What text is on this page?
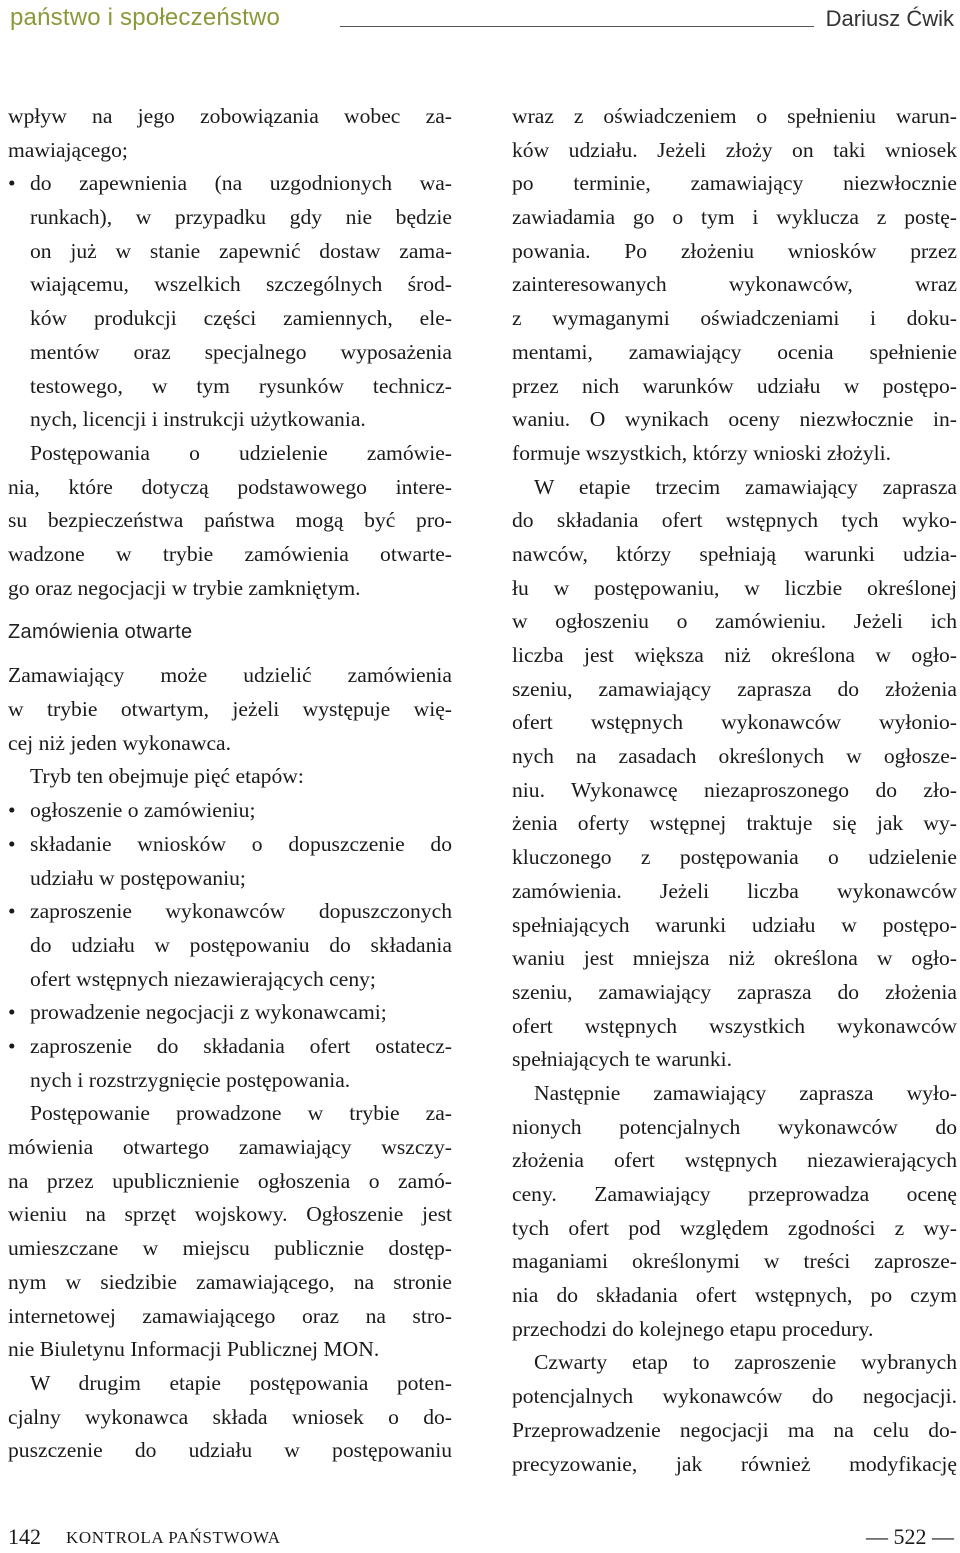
państwo i społeczeństwo	Dariusz Ćwik
wpływ na jego zobowiązania wobec za-
mawiającego;
• do zapewnienia (na uzgodnionych wa-
runkach), w przypadku gdy nie będzie
on już w stanie zapewnić dostaw zama-
wiającemu, wszelkich szczególnych środ-
ków produkcji części zamiennych, ele-
mentów oraz specjalnego wyposażenia
testowego, w tym rysunków technicz-
nych, licencji i instrukcji użytkowania.
Postępowania o udzielenie zamówie-
nia, które dotyczą podstawowego intere-
su bezpieczeństwa państwa mogą być pro-
wadzone w trybie zamówienia otwarte-
go oraz negocjacji w trybie zamkniętym.
Zamówienia otwarte
Zamawiający może udzielić zamówienia
w trybie otwartym, jeżeli występuje wię-
cej niż jeden wykonawca.
Tryb ten obejmuje pięć etapów:
• ogłoszenie o zamówieniu;
• składanie wniosków o dopuszczenie do
udziału w postępowaniu;
• zaproszenie wykonawców dopuszczonych
do udziału w postępowaniu do składania
ofert wstępnych niezawierających ceny;
• prowadzenie negocjacji z wykonawcami;
• zaproszenie do składania ofert ostatecz-
nych i rozstrzygnięcie postępowania.
Postępowanie prowadzone w trybie za-
mówienia otwartego zamawiający wszczy-
na przez upublicznienie ogłoszenia o zamó-
wieniu na sprzęt wojskowy. Ogłoszenie jest
umieszczane w miejscu publicznie dostęp-
nym w siedzibie zamawiającego, na stronie
internetowej zamawiającego oraz na stro-
nie Biuletynu Informacji Publicznej MON.
W drugim etapie postępowania poten-
cjalny wykonawca składa wniosek o do-
puszczenie do udziału w postępowaniu
wraz z oświadczeniem o spełnieniu warun-
ków udziału. Jeżeli złoży on taki wniosek
po terminie, zamawiający niezwłocznie
zawiadamia go o tym i wyklucza z postę-
powania. Po złożeniu wniosków przez
zainteresowanych wykonawców, wraz
z wymaganymi oświadczeniami i doku-
mentami, zamawiający ocenia spełnienie
przez nich warunków udziału w postępo-
waniu. O wynikach oceny niezwłocznie in-
formuje wszystkich, którzy wnioski złożyli.
W etapie trzecim zamawiający zaprasza
do składania ofert wstępnych tych wyko-
nawców, którzy spełniają warunki udzia-
łu w postępowaniu, w liczbie określonej
w ogłoszeniu o zamówieniu. Jeżeli ich
liczba jest większa niż określona w ogło-
szeniu, zamawiający zaprasza do złożenia
ofert wstępnych wykonawców wyłonio-
nych na zasadach określonych w ogłosze-
niu. Wykonawcę niezaproszonego do zło-
żenia oferty wstępnej traktuje się jak wy-
kluczonego z postępowania o udzielenie
zamówienia. Jeżeli liczba wykonawców
spełniających warunki udziału w postępo-
waniu jest mniejsza niż określona w ogło-
szeniu, zamawiający zaprasza do złożenia
ofert wstępnych wszystkich wykonawców
spełniających te warunki.
Następnie zamawiający zaprasza wyło-
nionych potencjalnych wykonawców do
złożenia ofert wstępnych niezawierających
ceny. Zamawiający przeprowadza ocenę
tych ofert pod względem zgodności z wy-
maganiami określonymi w treści zaprosze-
nia do składania ofert wstępnych, po czym
przechodzi do kolejnego etapu procedury.
Czwarty etap to zaproszenie wybranych
potencjalnych wykonawców do negocjacji.
Przeprowadzenie negocjacji ma na celu do-
precyzowanie, jak również modyfikację
142 KONTROLA PAŃSTWOWA	— 522 —
